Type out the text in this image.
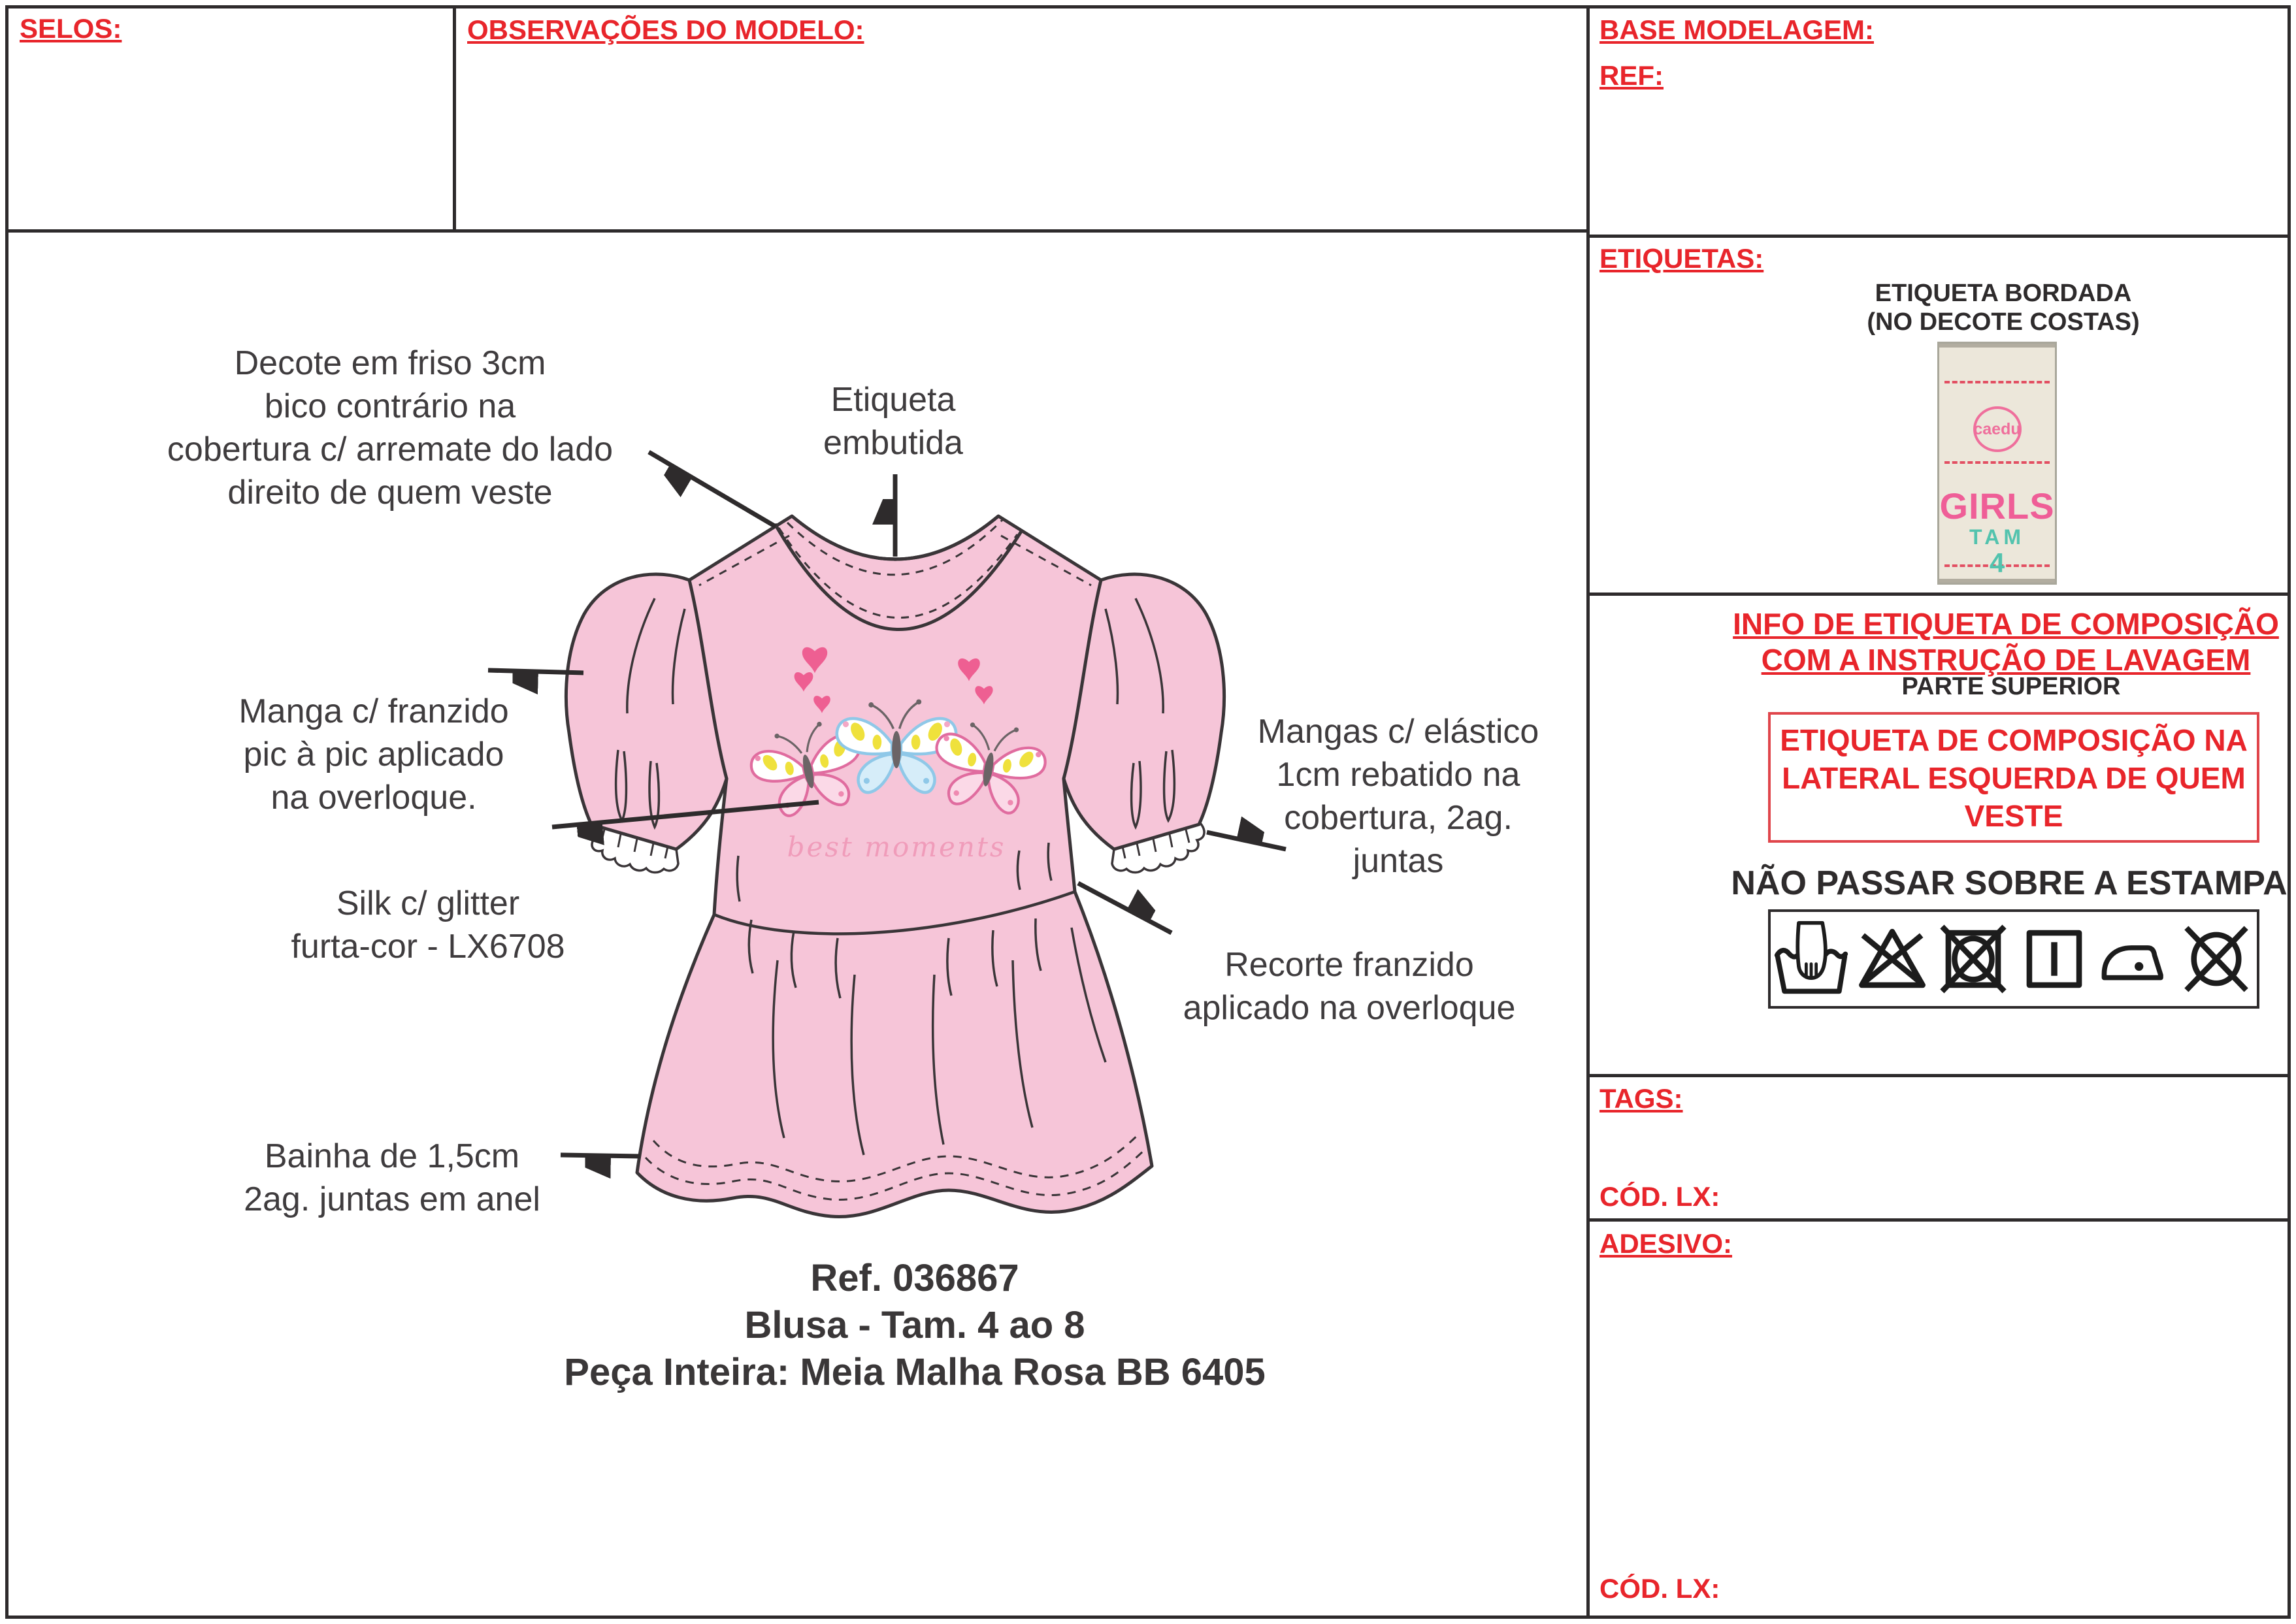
SELOS:	OBSERVAÇÕES DO MODELO:	BASE MODELAGEM:
REF:
ETIQUETAS:
ETIQUETA BORDADA
(NO DECOTE COSTAS)
caedu
GIRLS
TAM
4
INFO DE ETIQUETA DE COMPOSIÇÃO
COM A INSTRUÇÃO DE LAVAGEM
PARTE SUPERIOR
ETIQUETA DE COMPOSIÇÃO NA
LATERAL ESQUERDA DE QUEM
VESTE
NÃO PASSAR SOBRE A ESTAMPA
TAGS:
CÓD. LX:
ADESIVO:
CÓD. LX:
best moments
Decote em friso 3cm
bico contrário na
cobertura c/ arremate do lado
direito de quem veste
Etiqueta
embutida
Manga c/ franzido
pic à pic aplicado
na overloque.
Silk c/ glitter
furta-cor - LX6708
Mangas c/ elástico
1cm rebatido na
cobertura, 2ag.
juntas
Recorte franzido
aplicado na overloque
Bainha de 1,5cm
2ag. juntas em anel
Ref. 036867
Blusa - Tam. 4 ao 8
Peça Inteira: Meia Malha Rosa BB 6405
